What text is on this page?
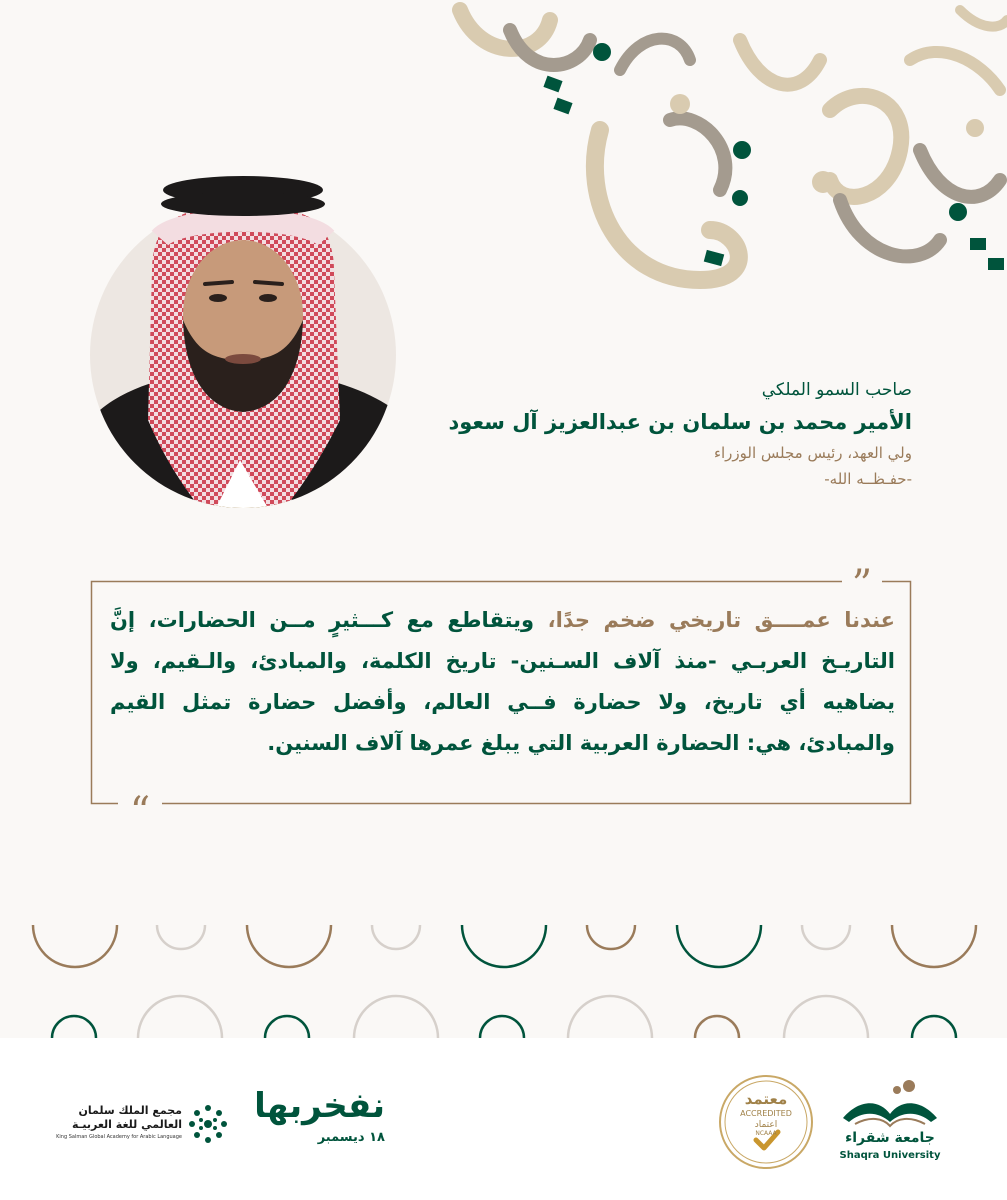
صاحب السمو الملكي
الأمير محمد بن سلمان بن عبدالعزيز آل سعود
ولي العهد، رئيس مجلس الوزراء
-حفـظــه الله-
”
“
عندنا عمــــق تاريخي ضخم جدًا، ويتقاطع مع كـــثيرٍ مــن الحضارات، إنَّ التاريـخ العربـي -منذ آلاف السـنين- تاريخ الكلمة، والمبادئ، والـقيم، ولا يضاهيه أي تاريخ، ولا حضارة فــي العالم، وأفضل حضارة تمثل القيم والمبادئ، هي: الحضارة العربية التي يبلغ عمرها آلاف السنين.
مجمع الملك سلمان
العالمي للغة العربيـة
King Salman Global Academy for Arabic Language
نفخربها
١٨ ديسمبر
معتمد
ACCREDITED
اعتماد
NCAAA	جامعة شقراء
Shaqra University
